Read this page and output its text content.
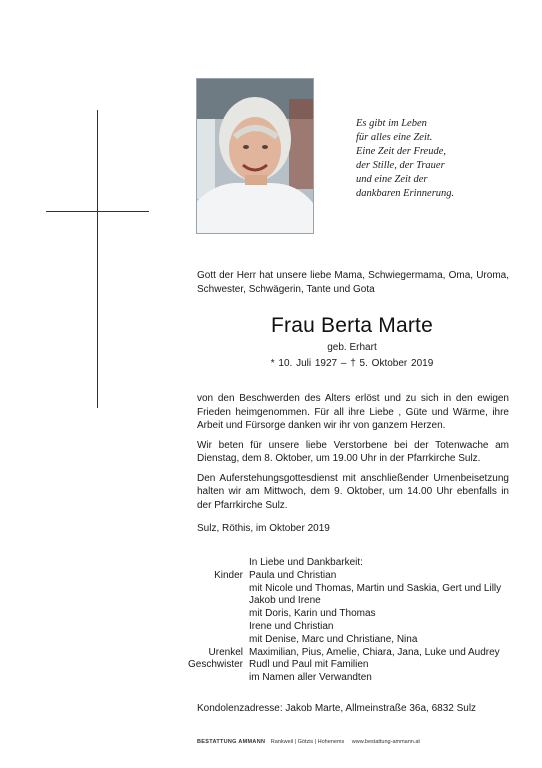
Es gibt im Leben
für alles eine Zeit.
Eine Zeit der Freude,
der Stille, der Trauer
und eine Zeit der
dankbaren Erinnerung.
Gott der Herr hat unsere liebe Mama, Schwiegermama, Oma, Uroma, Schwester, Schwägerin, Tante und Gota
Frau Berta Marte
geb. Erhart
* 10. Juli 1927 – † 5. Oktober 2019

von den Beschwerden des Alters erlöst und zu sich in den ewigen Frieden heimgenommen. Für all ihre Liebe , Güte und Wärme, ihre Arbeit und Fürsorge danken wir ihr von ganzem Herzen.

Wir beten für unsere liebe Verstorbene bei der Totenwache am Dienstag, dem 8. Oktober, um 19.00 Uhr in der Pfarrkirche Sulz.

Den Auferstehungsgottesdienst mit anschließender Urnenbeisetzung halten wir am Mittwoch, dem 9. Oktober, um 14.00 Uhr ebenfalls in der Pfarrkirche Sulz.

Sulz, Röthis, im Oktober 2019
In Liebe und Dankbarkeit:
Kinder Paula und Christian
mit Nicole und Thomas, Martin und Saskia, Gert und Lilly
Jakob und Irene
mit Doris, Karin und Thomas
Irene und Christian
mit Denise, Marc und Christiane, Nina
Urenkel Maximilian, Pius, Amelie, Chiara, Jana, Luke und Audrey
Geschwister Rudl und Paul mit Familien
im Namen aller Verwandten
Kondolenzadresse: Jakob Marte, Allmeinstraße 36a, 6832 Sulz
BESTATTUNG AMMANN Rankweil | Götzis | Hohenems www.bestattung-ammann.at
